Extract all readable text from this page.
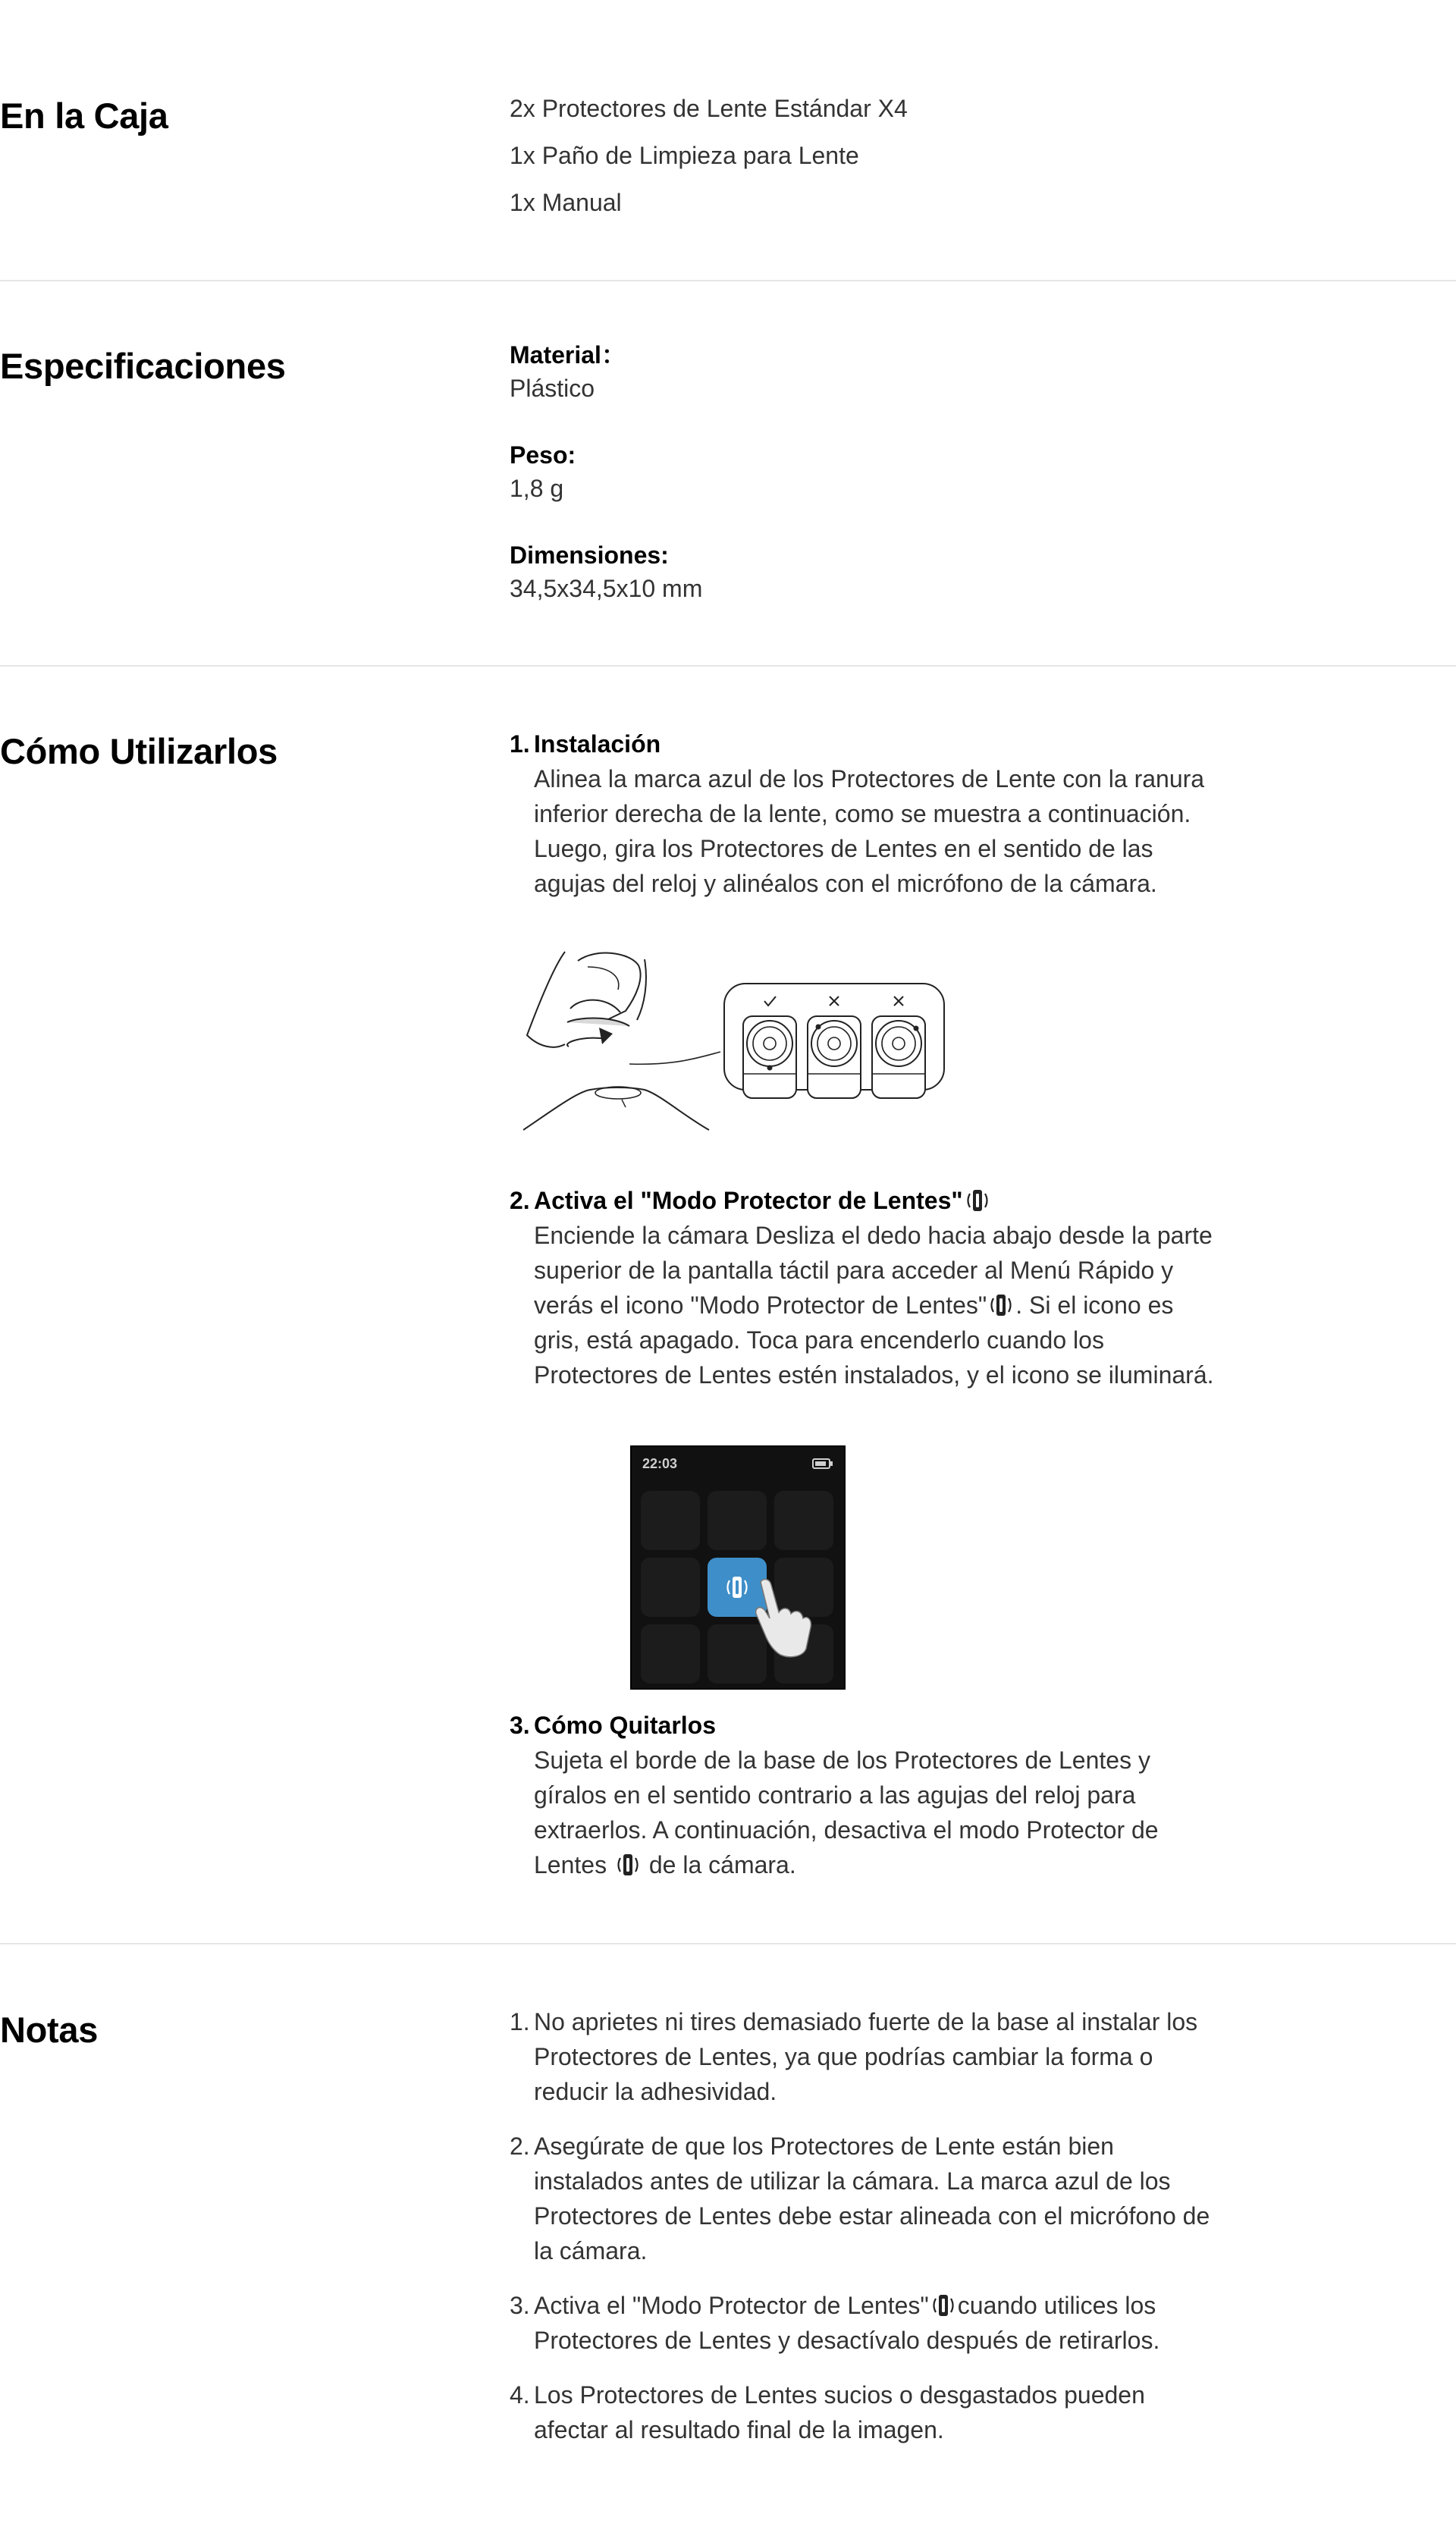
En la Caja	2x Protectores de Lente Estándar X4

1x Paño de Limpieza para Lente

1x Manual

Especificaciones	Material：

Plástico

Peso:

1,8 g

Dimensiones:

34,5x34,5x10 mm

Cómo Utilizarlos	1. Instalación

Alinea la marca azul de los Protectores de Lente con la ranura inferior derecha de la lente, como se muestra a continuación. Luego, gira los Protectores de Lentes en el sentido de las agujas del reloj y alinéalos con el micrófono de la cámara.

2. Activa el "Modo Protector de Lentes"

Enciende la cámara Desliza el dedo hacia abajo desde la parte superior de la pantalla táctil para acceder al Menú Rápido y verás el icono "Modo Protector de Lentes" . Si el icono es gris, está apagado. Toca para encenderlo cuando los Protectores de Lentes estén instalados, y el icono se iluminará.

22:03

3. Cómo Quitarlos

Sujeta el borde de la base de los Protectores de Lentes y gíralos en el sentido contrario a las agujas del reloj para extraerlos. A continuación, desactiva el modo Protector de Lentes  de la cámara.

Notas	1. No aprietes ni tires demasiado fuerte de la base al instalar los Protectores de Lentes, ya que podrías cambiar la forma o reducir la adhesividad.
2. Asegúrate de que los Protectores de Lente están bien instalados antes de utilizar la cámara. La marca azul de los Protectores de Lentes debe estar alineada con el micrófono de la cámara.
3. Activa el "Modo Protector de Lentes" cuando utilices los Protectores de Lentes y desactívalo después de retirarlos.
4. Los Protectores de Lentes sucios o desgastados pueden afectar al resultado final de la imagen.
